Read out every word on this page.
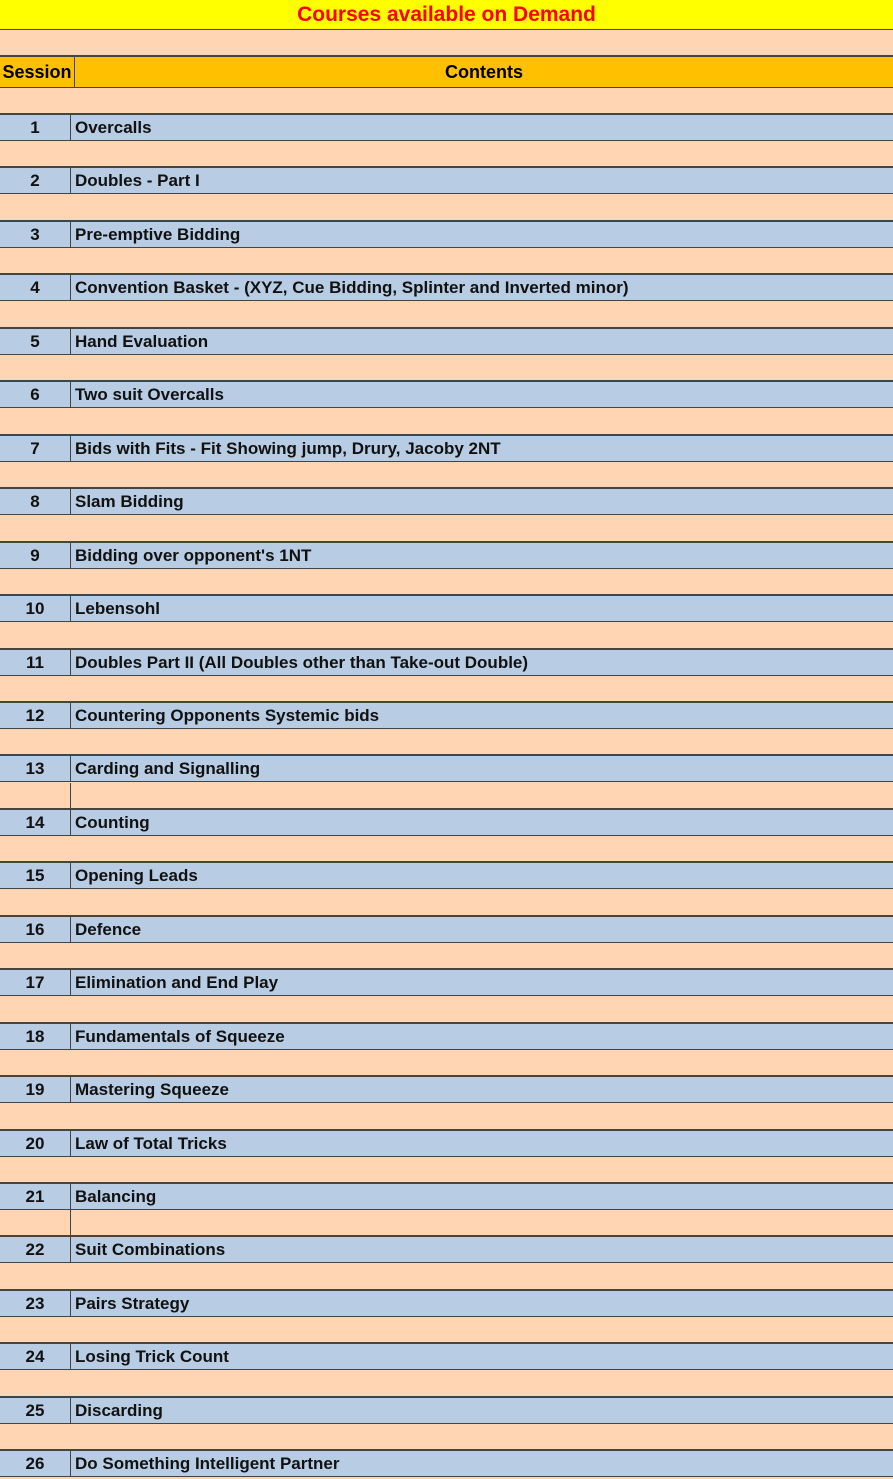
Courses available on Demand
Session	Contents
1	Overcalls
2	Doubles - Part I
3	Pre-emptive Bidding
4	Convention Basket - (XYZ, Cue Bidding, Splinter and Inverted minor)
5	Hand Evaluation
6	Two suit Overcalls
7	Bids with Fits - Fit Showing jump, Drury, Jacoby 2NT
8	Slam Bidding
9	Bidding over opponent's 1NT
10	Lebensohl
11	Doubles Part II (All Doubles other than Take-out Double)
12	Countering Opponents Systemic bids
13	Carding and Signalling
14	Counting
15	Opening Leads
16	Defence
17	Elimination and End Play
18	Fundamentals of Squeeze
19	Mastering Squeeze
20	Law of Total Tricks
21	Balancing
22	Suit Combinations
23	Pairs Strategy
24	Losing Trick Count
25	Discarding
26	Do Something Intelligent Partner
